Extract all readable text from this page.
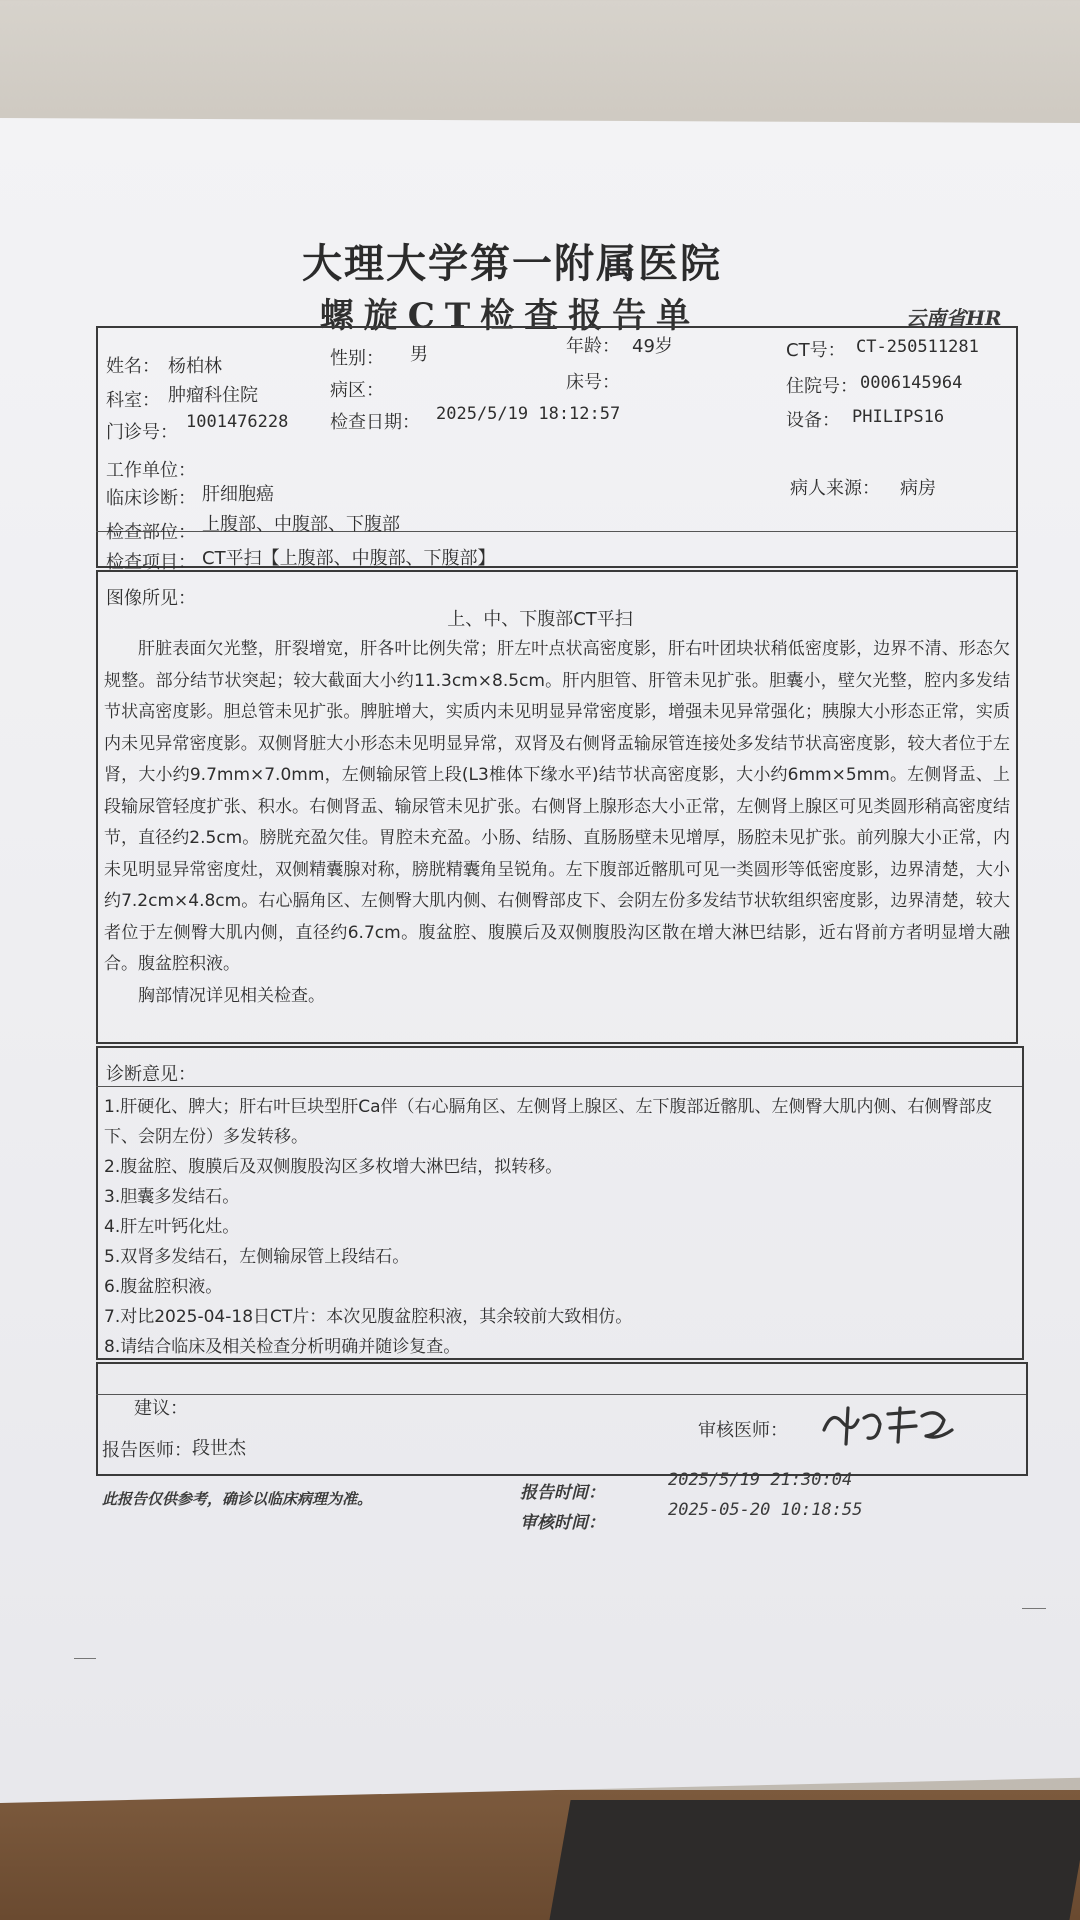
大理大学第一附属医院
螺旋CT检查报告单	云南省HR
姓名： 杨柏林	性别： 男	年龄： 49岁	CT号： CT-250511281
科室： 肿瘤科住院	病区：	床号：	住院号： 0006145964
门诊号： 1001476228 检查日期： 2025/5/19 18:12:57	设备： PHILIPS16
工作单位：
临床诊断： 肝细胞癌	病人来源： 病房
检查部位： 上腹部、中腹部、下腹部
检查项目： CT平扫【上腹部、中腹部、下腹部】
图像所见：
上、中、下腹部CT平扫

肝脏表面欠光整，肝裂增宽，肝各叶比例失常；肝左叶点状高密度影，肝右叶团块状稍低密度影，边界不清、形态欠规整。部分结节状突起；较大截面大小约11.3cm×8.5cm。肝内胆管、肝管未见扩张。胆囊小，壁欠光整，腔内多发结节状高密度影。胆总管未见扩张。脾脏增大，实质内未见明显异常密度影，增强未见异常强化；胰腺大小形态正常，实质内未见异常密度影。双侧肾脏大小形态未见明显异常，双肾及右侧肾盂输尿管连接处多发结节状高密度影，较大者位于左肾，大小约9.7mm×7.0mm，左侧输尿管上段(L3椎体下缘水平)结节状高密度影，大小约6mm×5mm。左侧肾盂、上段输尿管轻度扩张、积水。右侧肾盂、输尿管未见扩张。右侧肾上腺形态大小正常，左侧肾上腺区可见类圆形稍高密度结节，直径约2.5cm。膀胱充盈欠佳。胃腔未充盈。小肠、结肠、直肠肠壁未见增厚，肠腔未见扩张。前列腺大小正常，内未见明显异常密度灶，双侧精囊腺对称，膀胱精囊角呈锐角。左下腹部近髂肌可见一类圆形等低密度影，边界清楚，大小约7.2cm×4.8cm。右心膈角区、左侧臀大肌内侧、右侧臀部皮下、会阴左份多发结节状软组织密度影，边界清楚，较大者位于左侧臀大肌内侧，直径约6.7cm。腹盆腔、腹膜后及双侧腹股沟区散在增大淋巴结影，近右肾前方者明显增大融合。腹盆腔积液。

胸部情况详见相关检查。

诊断意见：
1.肝硬化、脾大；肝右叶巨块型肝Ca伴（右心膈角区、左侧肾上腺区、左下腹部近髂肌、左侧臀大肌内侧、右侧臀部皮下、会阴左份）多发转移。
2.腹盆腔、腹膜后及双侧腹股沟区多枚增大淋巴结，拟转移。
3.胆囊多发结石。
4.肝左叶钙化灶。
5.双肾多发结石，左侧输尿管上段结石。
6.腹盆腔积液。
7.对比2025-04-18日CT片：本次见腹盆腔积液，其余较前大致相仿。
8.请结合临床及相关检查分析明确并随诊复查。
建议：
报告医师： 段世杰
审核医师：
此报告仅供参考，确诊以临床病理为准。	报告时间：
2025/5/19 21:30:04
审核时间：
2025-05-20 10:18:55
